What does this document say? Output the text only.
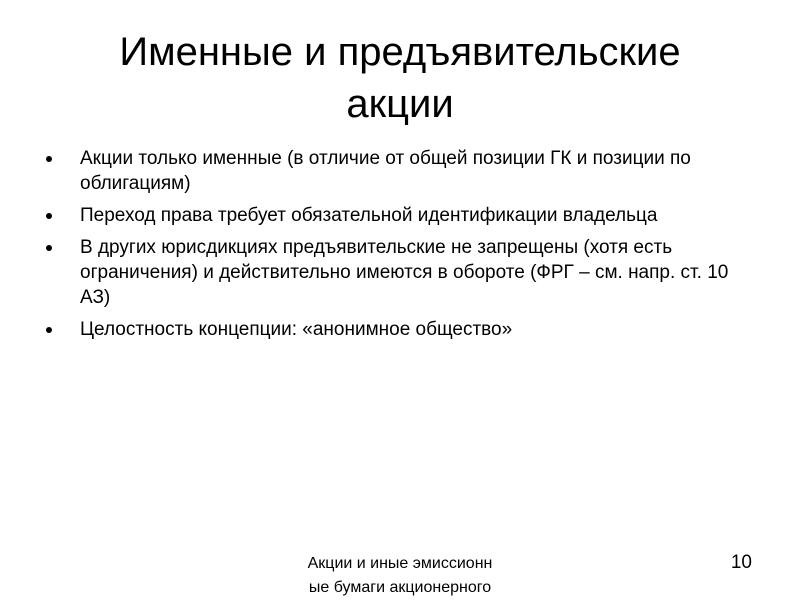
Именные и предъявительские
акции
Акции только именные (в отличие от общей позиции ГК и позиции по облигациям)
Переход права требует обязательной идентификации владельца
В других юрисдикциях предъявительские не запрещены (хотя есть ограничения) и действительно имеются в обороте (ФРГ – см. напр. ст. 10 АЗ)
Целостность концепции: «анонимное общество»
Акции и иные эмиссионн
ые бумаги акционерного
10
